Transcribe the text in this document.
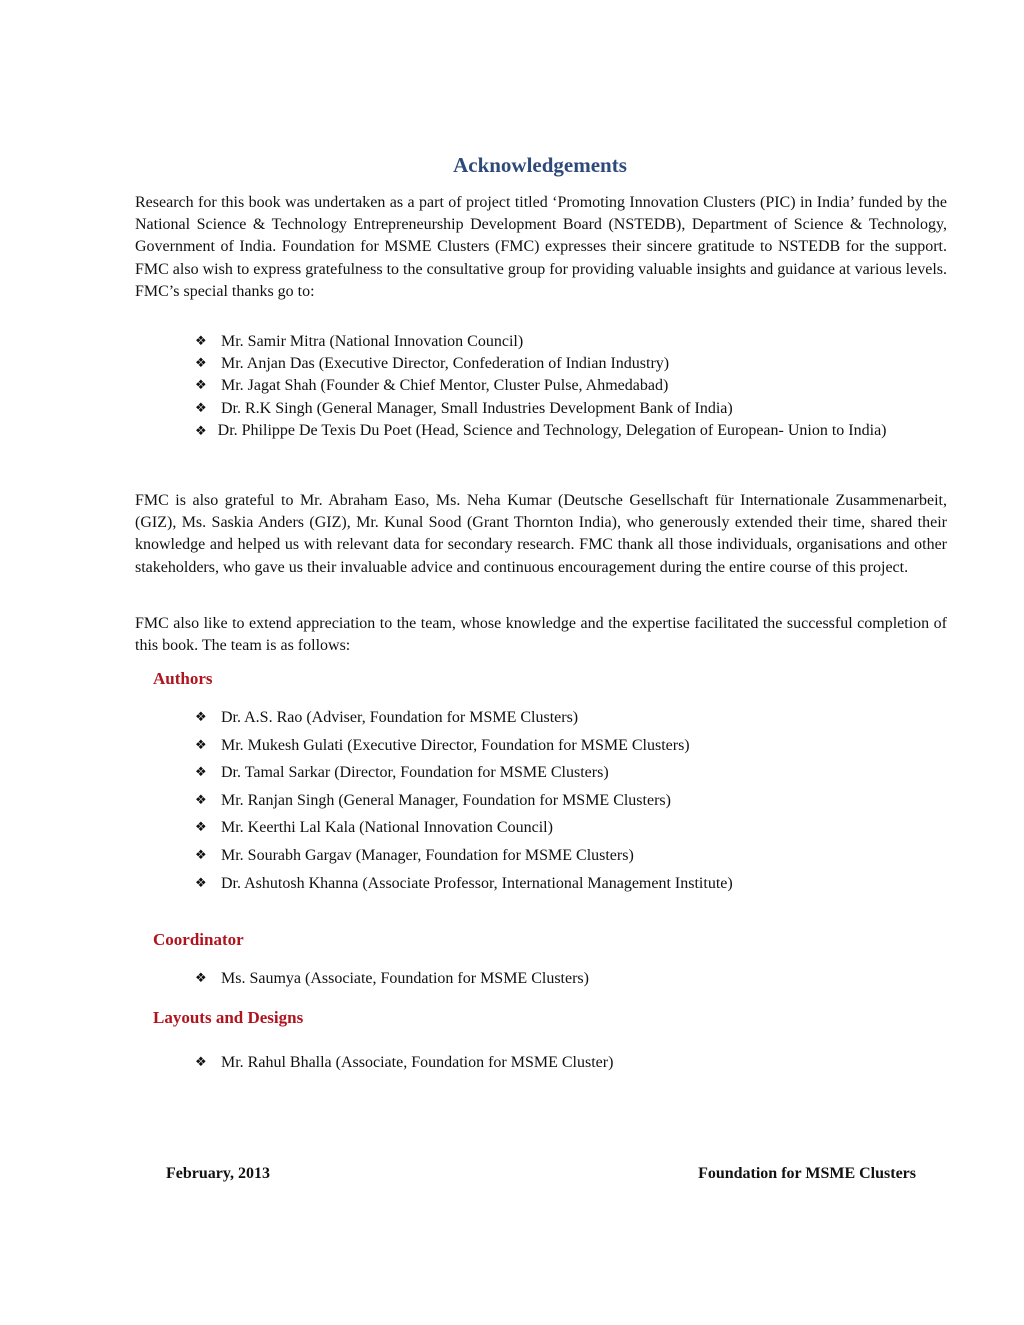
Acknowledgements

Research for this book was undertaken as a part of project titled ‘Promoting Innovation Clusters (PIC) in India’ funded by the National Science & Technology Entrepreneurship Development Board (NSTEDB), Department of Science & Technology, Government of India. Foundation for MSME Clusters (FMC) expresses their sincere gratitude to NSTEDB for the support. FMC also wish to express gratefulness to the consultative group for providing valuable insights and guidance at various levels. FMC’s special thanks go to:

❖ Mr. Samir Mitra (National Innovation Council)
❖ Mr. Anjan Das (Executive Director, Confederation of Indian Industry)
❖ Mr. Jagat Shah (Founder & Chief Mentor, Cluster Pulse, Ahmedabad)
❖ Dr. R.K Singh (General Manager, Small Industries Development Bank of India)
❖ Dr. Philippe De Texis Du Poet (Head, Science and Technology, Delegation of European- Union to India)

FMC is also grateful to Mr. Abraham Easo, Ms. Neha Kumar (Deutsche Gesellschaft für Internationale Zusammenarbeit, (GIZ), Ms. Saskia Anders (GIZ), Mr. Kunal Sood (Grant Thornton India), who generously extended their time, shared their knowledge and helped us with relevant data for secondary research. FMC thank all those individuals, organisations and other stakeholders, who gave us their invaluable advice and continuous encouragement during the entire course of this project.

FMC also like to extend appreciation to the team, whose knowledge and the expertise facilitated the successful completion of this book. The team is as follows:

Authors
❖ Dr. A.S. Rao (Adviser, Foundation for MSME Clusters)
❖ Mr. Mukesh Gulati (Executive Director, Foundation for MSME Clusters)
❖ Dr. Tamal Sarkar (Director, Foundation for MSME Clusters)
❖ Mr. Ranjan Singh (General Manager, Foundation for MSME Clusters)
❖ Mr. Keerthi Lal Kala (National Innovation Council)
❖ Mr. Sourabh Gargav (Manager, Foundation for MSME Clusters)
❖ Dr. Ashutosh Khanna (Associate Professor, International Management Institute)
Coordinator
❖ Ms. Saumya (Associate, Foundation for MSME Clusters)
Layouts and Designs
❖ Mr. Rahul Bhalla (Associate, Foundation for MSME Cluster)
February, 2013	Foundation for MSME Clusters
